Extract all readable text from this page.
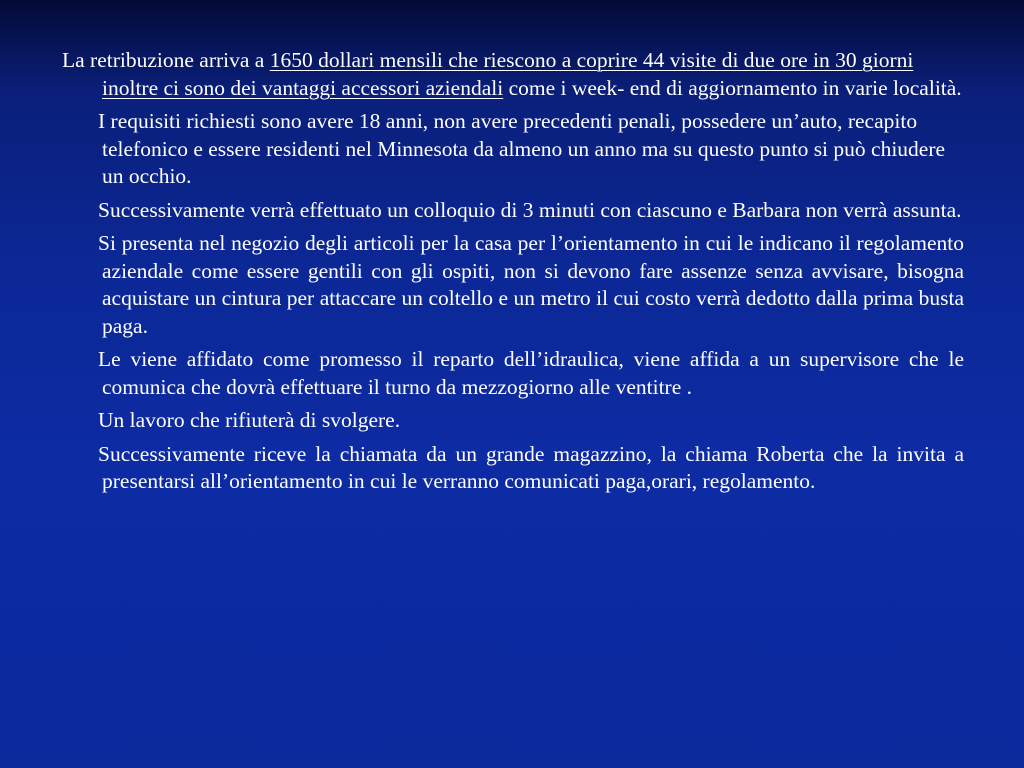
La retribuzione arriva a 1650 dollari mensili che riescono a coprire 44 visite di due ore in 30 giorni inoltre ci sono dei vantaggi accessori aziendali come i week- end di aggiornamento in varie località.

I requisiti richiesti sono avere 18 anni, non avere precedenti penali, possedere un’auto, recapito telefonico e essere residenti nel Minnesota da almeno un anno ma su questo punto si può chiudere un occhio.

Successivamente verrà effettuato un colloquio di 3 minuti con ciascuno e Barbara non verrà assunta.

Si presenta nel negozio degli articoli per la casa per l’orientamento in cui le indicano il regolamento aziendale come essere gentili con gli ospiti, non si devono fare assenze senza avvisare, bisogna acquistare un cintura per attaccare un coltello e un metro il cui costo verrà dedotto dalla prima busta paga.

Le viene affidato come promesso il reparto dell’idraulica, viene affida a un supervisore che le comunica che dovrà effettuare il turno da mezzogiorno alle ventitre .

Un lavoro che rifiuterà di svolgere.

Successivamente riceve la chiamata da un grande magazzino, la chiama Roberta che la invita a presentarsi all’orientamento in cui le verranno comunicati paga,orari, regolamento.
